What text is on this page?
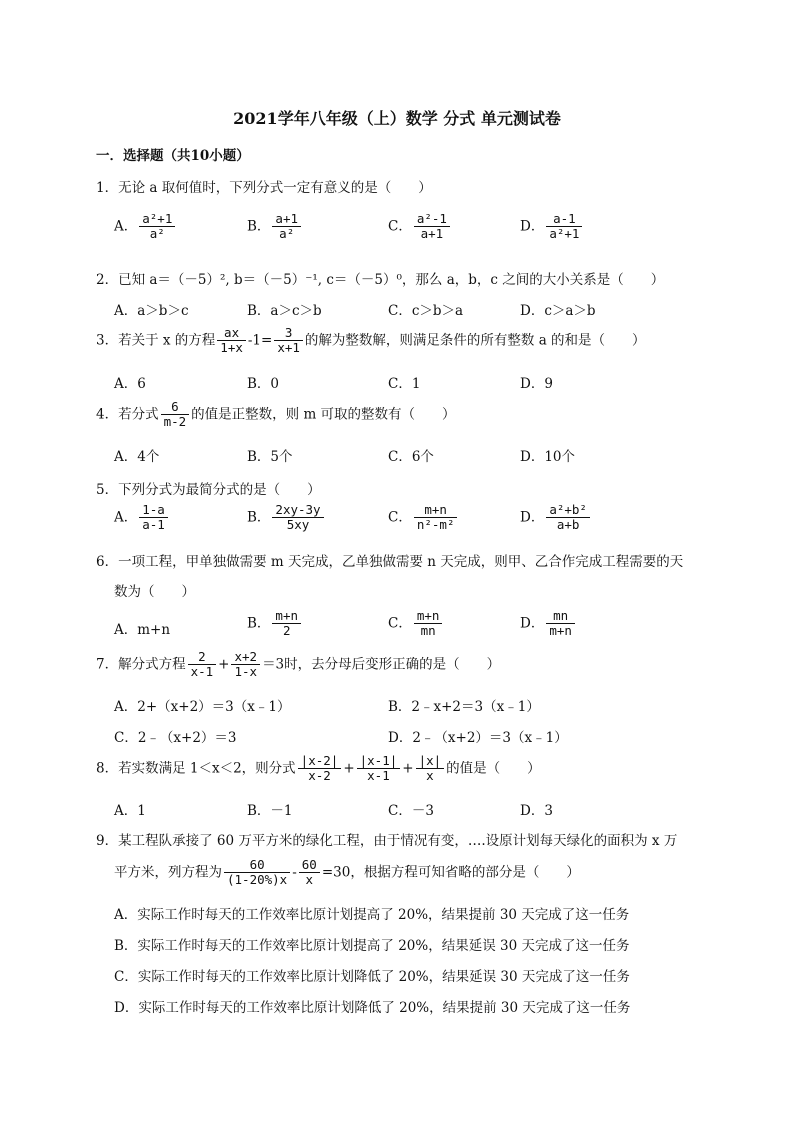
2021学年八年级（上）数学 分式 单元测试卷
一．选择题（共10小题）
1．无论 a 取何值时，下列分式一定有意义的是（　　）
A． $\frac{\text{a²+1}}{\text{a²}}$	B． $\frac{a+1}{\text{a²}}$	C． $\frac{\text{a²-1}}{a+1}$	D． $\frac{a-1}{\text{a²+1}}$
2．已知 a＝（－5）², b＝（－5）⁻¹, c＝（－5）⁰，那么 a，b，c 之间的大小关系是（　　）
A．a＞b＞c	B．a＞c＞b	C．c＞b＞a	D．c＞a＞b
3．若关于 x 的方程 $\frac{ax}{1+x} -1= \frac{3}{x+1}$ 的解为整数解，则满足条件的所有整数 a 的和是（　　）
A．6	B．0	C．1	D．9
4．若分式 $\frac{6}{m-2}$ 的值是正整数，则 m 可取的整数有（　　）
A．4个	B．5个	C．6个	D．10个
5．下列分式为最简分式的是（　　）
A． $\frac{1-a}{a-1}$	B． $\frac{2xy-3y}{5xy}$	C． $\frac{m+n}{\text{n²-m²}}$	D． $\frac{\text{a²+b²}}{a+b}$
6．一项工程，甲单独做需要 m 天完成，乙单独做需要 n 天完成，则甲、乙合作完成工程需要的天
数为（　　）
A．m+n	B． $\frac{m+n}{2}$	C． $\frac{m+n}{mn}$	D． $\frac{mn}{m+n}$
7．解分式方程 $\frac{2}{x-1} + \frac{x+2}{1-x} =3$时，去分母后变形正确的是（　　）
A．2+（x+2）＝3（x﹣1）	B．2﹣x+2＝3（x﹣1）
C．2﹣（x+2）＝3	D．2﹣（x+2）＝3（x﹣1）
8．若实数满足 1＜x＜2，则分式 $\frac{|x-2|}{x-2} + \frac{|x-1|}{x-1} + \frac{|x|}{x}$ 的值是（　　）
A．1	B．－1	C．－3	D．3
9．某工程队承接了 60 万平方米的绿化工程，由于情况有变，….设原计划每天绿化的面积为 x 万
平方米，列方程为 $\frac{60}{(1-20\%)x} - \frac{60}{x} =30$，根据方程可知省略的部分是（　　）
A．实际工作时每天的工作效率比原计划提高了 20%，结果提前 30 天完成了这一任务
B．实际工作时每天的工作效率比原计划提高了 20%，结果延误 30 天完成了这一任务
C．实际工作时每天的工作效率比原计划降低了 20%，结果延误 30 天完成了这一任务
D．实际工作时每天的工作效率比原计划降低了 20%，结果提前 30 天完成了这一任务
